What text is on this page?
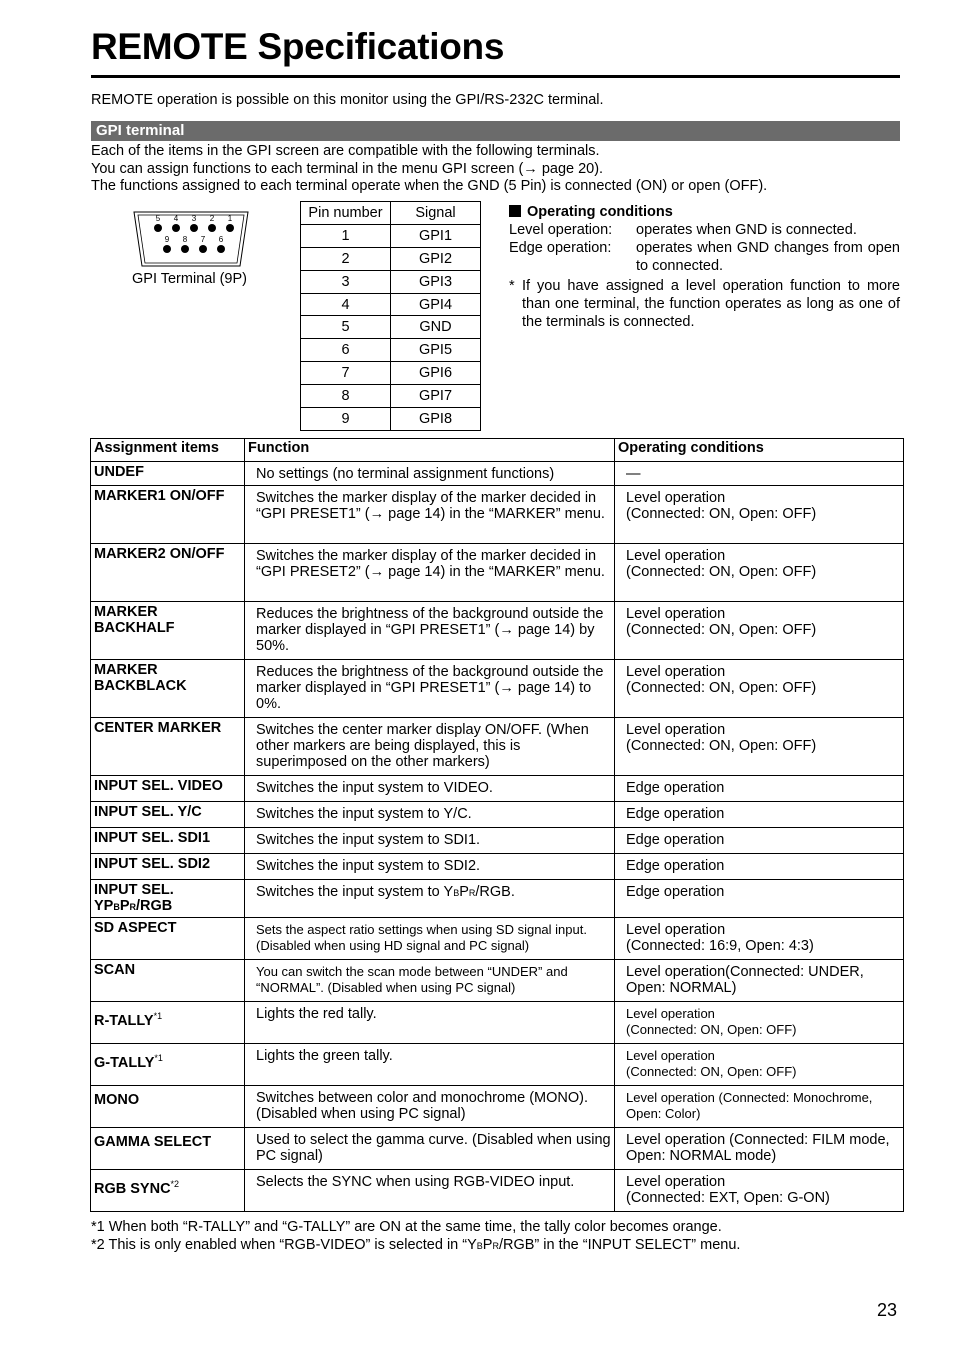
REMOTE Specifications
REMOTE operation is possible on this monitor using the GPI/RS-232C terminal.
GPI terminal
Each of the items in the GPI screen are compatible with the following terminals.
You can assign functions to each terminal in the menu GPI screen (→ page 20).
The functions assigned to each terminal operate when the GND (5 Pin) is connected (ON) or open (OFF).
5 4 3 2 1
9 8 7 6
GPI Terminal (9P)
Pin number	Signal
1	GPI1
2	GPI2
3	GPI3
4	GPI4
5	GND
6	GPI5
7	GPI6
8	GPI7
9	GPI8
Operating conditions
Level operation:	operates when GND is connected.
Edge operation:	operates when GND changes from open to connected.
* If you have assigned a level operation function to more than one terminal, the function operates as long as one of the terminals is connected.
Assignment items	Function	Operating conditions
UNDEF	No settings (no terminal assignment functions)	—
MARKER1 ON/OFF	Switches the marker display of the marker decided in “GPI PRESET1” (→ page 14) in the “MARKER” menu.	Level operation
(Connected: ON, Open: OFF)
MARKER2 ON/OFF	Switches the marker display of the marker decided in “GPI PRESET2” (→ page 14) in the “MARKER” menu.	Level operation
(Connected: ON, Open: OFF)
MARKER BACKHALF	Reduces the brightness of the background outside the marker displayed in “GPI PRESET1” (→ page 14) by 50%.	Level operation
(Connected: ON, Open: OFF)
MARKER BACKBLACK	Reduces the brightness of the background outside the marker displayed in “GPI PRESET1” (→ page 14) to 0%.	Level operation
(Connected: ON, Open: OFF)
CENTER MARKER	Switches the center marker display ON/OFF. (When other markers are being displayed, this is superimposed on the other markers)	Level operation
(Connected: ON, Open: OFF)
INPUT SEL. VIDEO	Switches the input system to VIDEO.	Edge operation
INPUT SEL. Y/C	Switches the input system to Y/C.	Edge operation
INPUT SEL. SDI1	Switches the input system to SDI1.	Edge operation
INPUT SEL. SDI2	Switches the input system to SDI2.	Edge operation
INPUT SEL.
YPBPR/RGB	Switches the input system to YBPR/RGB.	Edge operation
SD ASPECT	Sets the aspect ratio settings when using SD signal input. (Disabled when using HD signal and PC signal)	Level operation
(Connected: 16:9, Open: 4:3)
SCAN	You can switch the scan mode between “UNDER” and “NORMAL”. (Disabled when using PC signal)	Level operation(Connected: UNDER, Open: NORMAL)
R-TALLY$^{*1}$	Lights the red tally.	Level operation
(Connected: ON, Open: OFF)
G-TALLY$^{*1}$	Lights the green tally.	Level operation
(Connected: ON, Open: OFF)
MONO	Switches between color and monochrome (MONO). (Disabled when using PC signal)	Level operation (Connected: Monochrome, Open: Color)
GAMMA SELECT	Used to select the gamma curve. (Disabled when using PC signal)	Level operation (Connected: FILM mode, Open: NORMAL mode)
RGB SYNC$^{*2}$	Selects the SYNC when using RGB-VIDEO input.	Level operation
(Connected: EXT, Open: G-ON)
*1 When both “R-TALLY” and “G-TALLY” are ON at the same time, the tally color becomes orange.
*2 This is only enabled when “RGB-VIDEO” is selected in “YBPR/RGB” in the “INPUT SELECT” menu.
23
